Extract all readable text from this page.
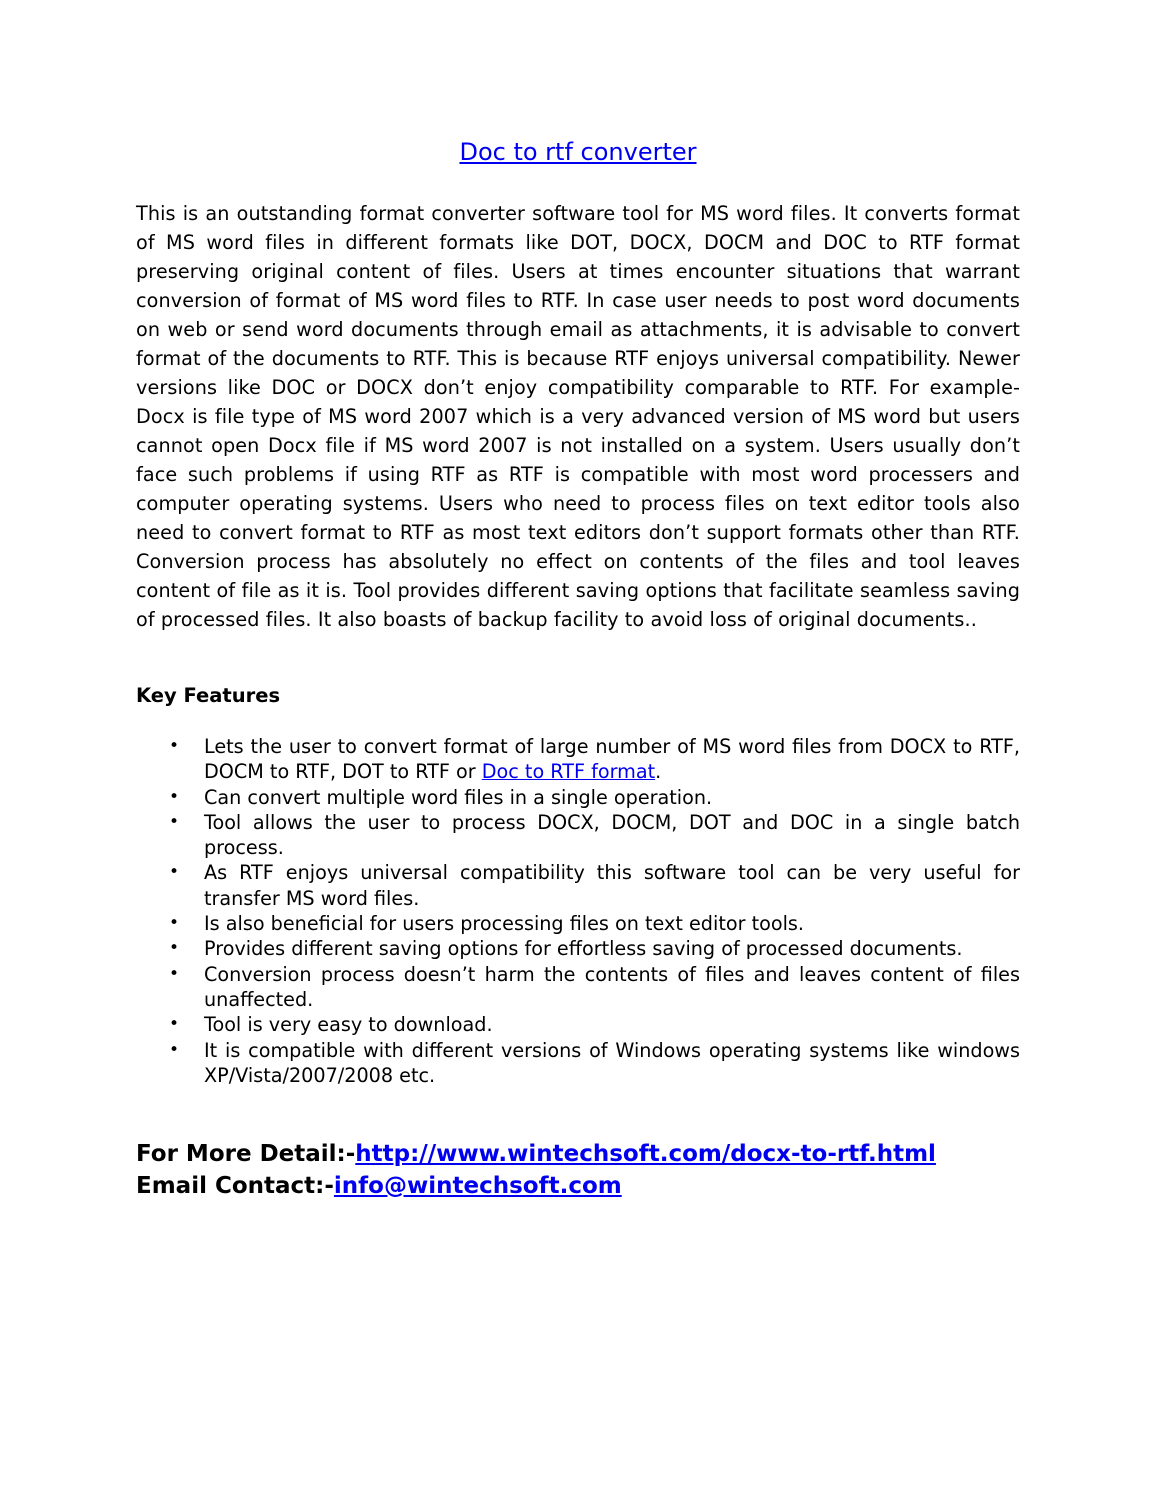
Doc to rtf converter

This is an outstanding format converter software tool for MS word files. It converts format of MS word files in different formats like DOT, DOCX, DOCM and DOC to RTF format preserving original content of files. Users at times encounter situations that warrant conversion of format of MS word files to RTF. In case user needs to post word documents on web or send word documents through email as attachments, it is advisable to convert format of the documents to RTF. This is because RTF enjoys universal compatibility. Newer versions like DOC or DOCX don’t enjoy compatibility comparable to RTF. For example- Docx is file type of MS word 2007 which is a very advanced version of MS word but users cannot open Docx file if MS word 2007 is not installed on a system. Users usually don’t face such problems if using RTF as RTF is compatible with most word processers and computer operating systems. Users who need to process files on text editor tools also need to convert format to RTF as most text editors don’t support formats other than RTF. Conversion process has absolutely no effect on contents of the files and tool leaves content of file as it is. Tool provides different saving options that facilitate seamless saving of processed files. It also boasts of backup facility to avoid loss of original documents..

Key Features
• Lets the user to convert format of large number of MS word files from DOCX to RTF, DOCM to RTF, DOT to RTF or Doc to RTF format.
• Can convert multiple word files in a single operation.
• Tool allows the user to process DOCX, DOCM, DOT and DOC in a single batch process.
• As RTF enjoys universal compatibility this software tool can be very useful for transfer MS word files.
• Is also beneficial for users processing files on text editor tools.
• Provides different saving options for effortless saving of processed documents.
• Conversion process doesn’t harm the contents of files and leaves content of files unaffected.
• Tool is very easy to download.
• It is compatible with different versions of Windows operating systems like windows XP/Vista/2007/2008 etc.
For More Detail:-http://www.wintechsoft.com/docx-to-rtf.html
Email Contact:-info@wintechsoft.com
